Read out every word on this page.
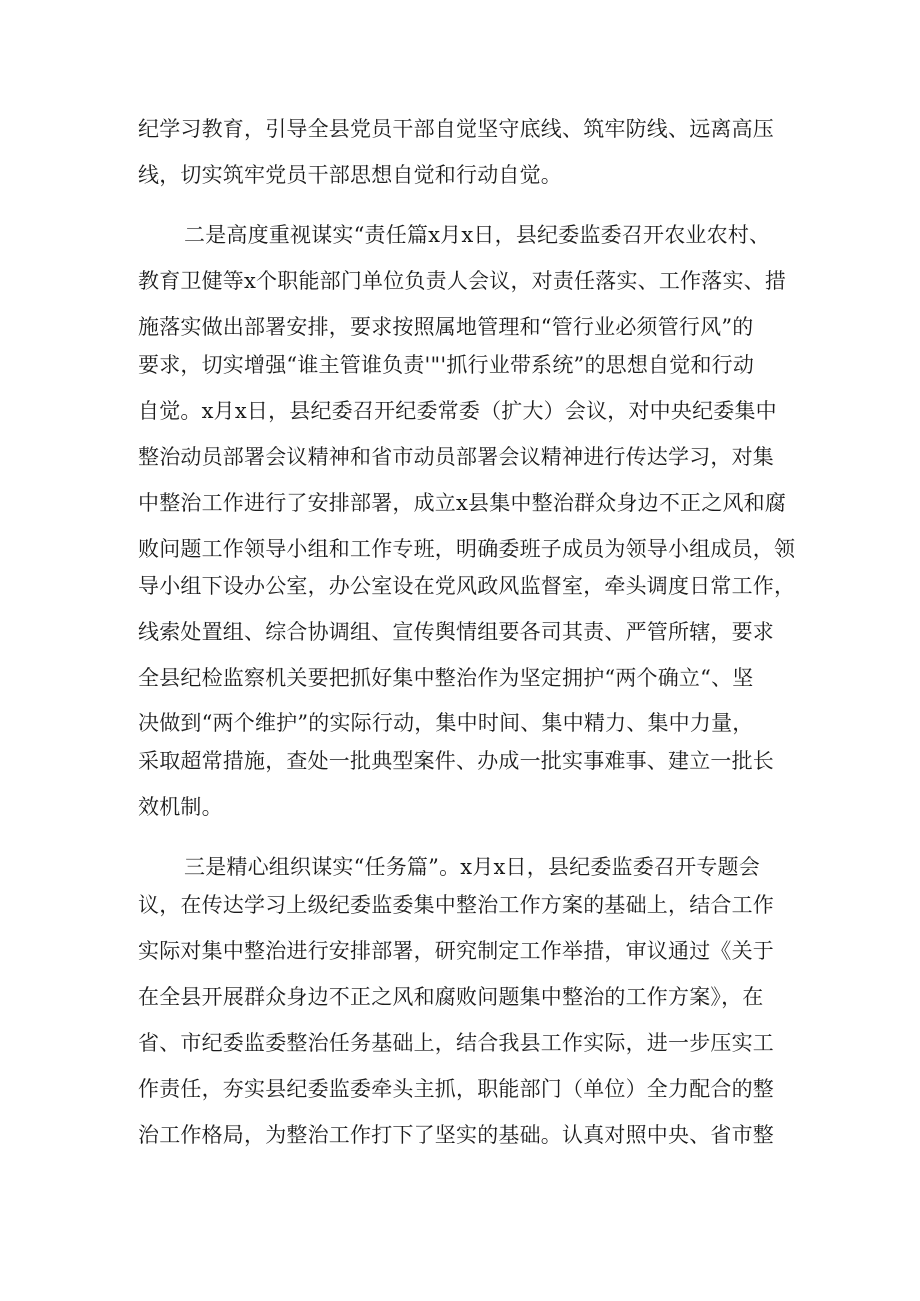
纪学习教育，引导全县党员干部自觉坚守底线、筑牢防线、远离高压
线，切实筑牢党员干部思想自觉和行动自觉。
二是高度重视谋实“责任篇x月x日，县纪委监委召开农业农村、
教育卫健等x个职能部门单位负责人会议，对责任落实、工作落实、措
施落实做出部署安排，要求按照属地管理和“管行业必须管行风”的
要求，切实增强“谁主管谁负责'"'抓行业带系统”的思想自觉和行动
自觉。x月x日，县纪委召开纪委常委（扩大）会议，对中央纪委集中
整治动员部署会议精神和省市动员部署会议精神进行传达学习，对集
中整治工作进行了安排部署，成立x县集中整治群众身边不正之风和腐
败问题工作领导小组和工作专班，明确委班子成员为领导小组成员，领
导小组下设办公室，办公室设在党风政风监督室，牵头调度日常工作，
线索处置组、综合协调组、宣传舆情组要各司其责、严管所辖，要求
全县纪检监察机关要把抓好集中整治作为坚定拥护“两个确立“、坚
决做到“两个维护”的实际行动，集中时间、集中精力、集中力量，
采取超常措施，查处一批典型案件、办成一批实事难事、建立一批长
效机制。
三是精心组织谋实“任务篇”。x月x日，县纪委监委召开专题会
议，在传达学习上级纪委监委集中整治工作方案的基础上，结合工作
实际对集中整治进行安排部署，研究制定工作举措，审议通过《关于
在全县开展群众身边不正之风和腐败问题集中整治的工作方案》，在
省、市纪委监委整治任务基础上，结合我县工作实际，进一步压实工
作责任，夯实县纪委监委牵头主抓，职能部门（单位）全力配合的整
治工作格局，为整治工作打下了坚实的基础。认真对照中央、省市整
